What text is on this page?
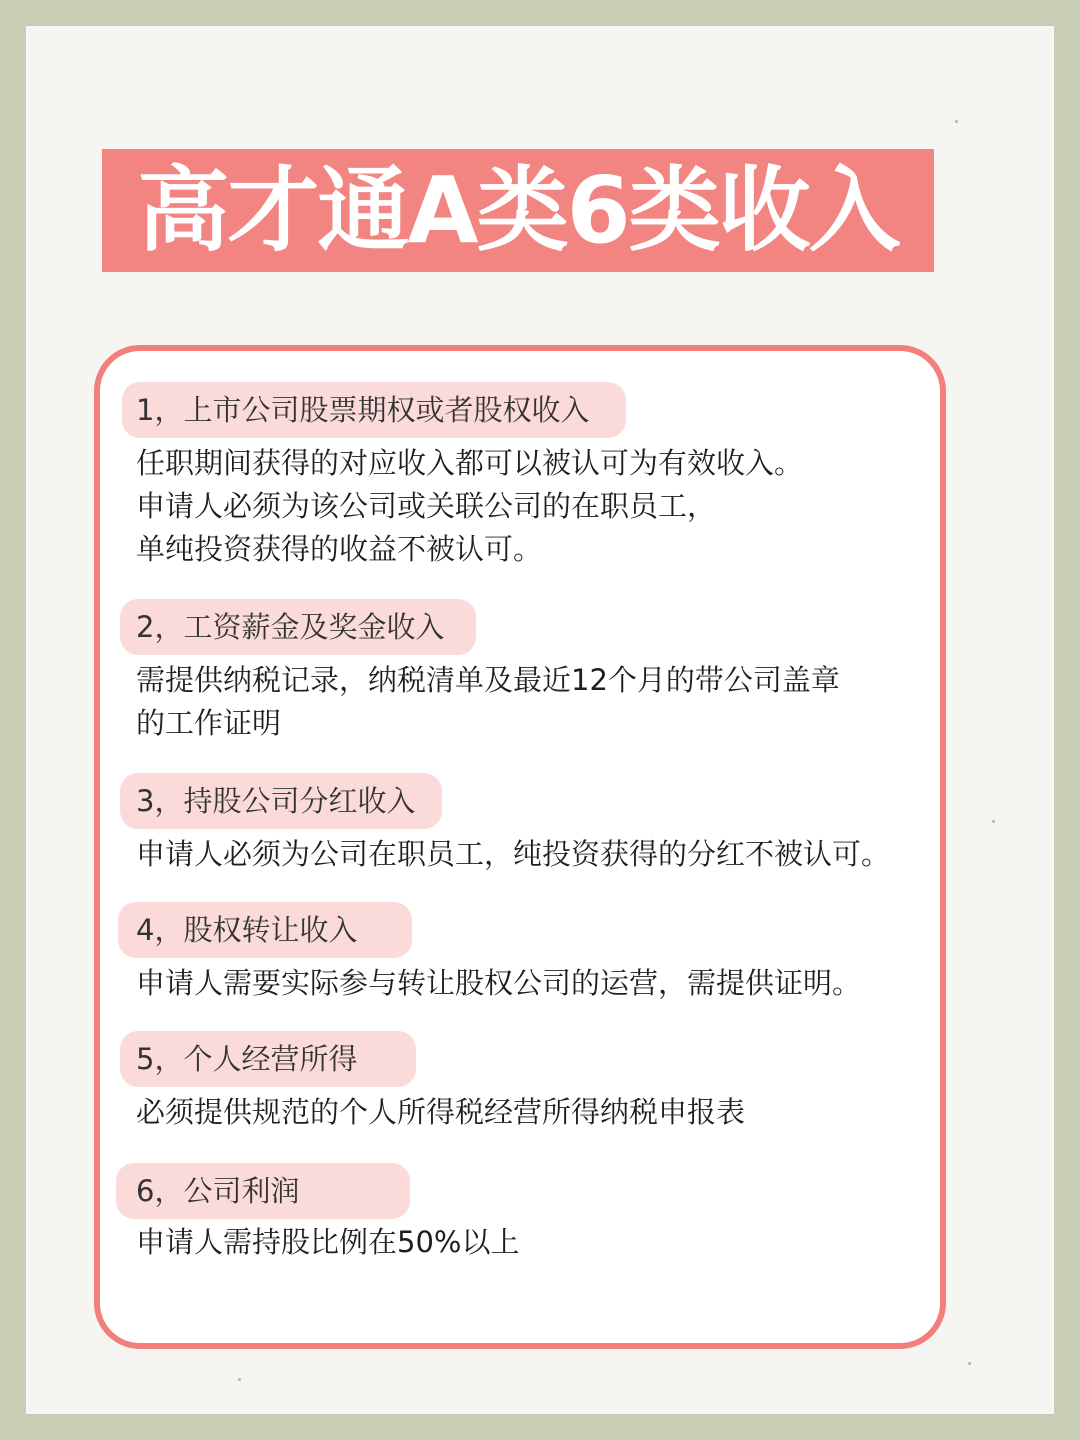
高才通A类6类收入
1，上市公司股票期权或者股权收入
任职期间获得的对应收入都可以被认可为有效收入。
申请人必须为该公司或关联公司的在职员工，
单纯投资获得的收益不被认可。
2，工资薪金及奖金收入
需提供纳税记录，纳税清单及最近12个月的带公司盖章
的工作证明
3，持股公司分红收入
申请人必须为公司在职员工，纯投资获得的分红不被认可。
4，股权转让收入
申请人需要实际参与转让股权公司的运营，需提供证明。
5，个人经营所得
必须提供规范的个人所得税经营所得纳税申报表
6，公司利润
申请人需持股比例在50%以上
